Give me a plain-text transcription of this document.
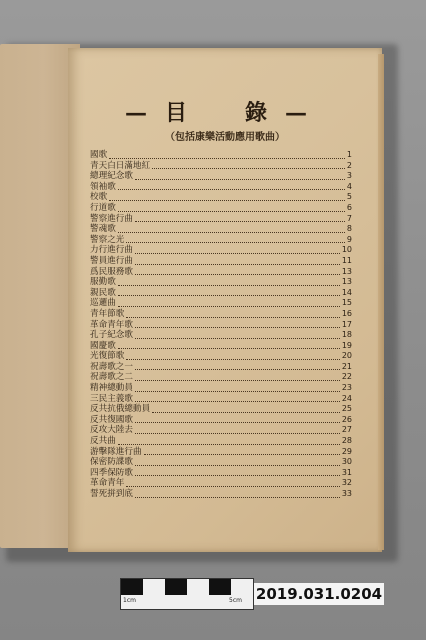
—目　錄—

（包括康樂活動應用歌曲）

國歌	1
青天白日滿地紅	2
總理紀念歌	3
領袖歌	4
校歌	5
行道歌	6
警察進行曲	7
警魂歌	8
警察之光	9
力行進行曲	10
警員進行曲	11
爲民服務歌	13
服勤歌	13
親民歌	14
巡邏曲	15
青年節歌	16
革命青年歌	17
孔子紀念歌	18
國慶歌	19
光復節歌	20
祝壽歌之一	21
祝壽歌之二	22
精神總動員	23
三民主義歌	24
反共抗俄總動員	25
反共復國歌	26
反攻大陸去	27
反共曲	28
游擊隊進行曲	29
保密防諜歌	30
四季保防歌	31
革命青年	32
誓死拼到底	33
1cm	5cm 2019.031.0204
